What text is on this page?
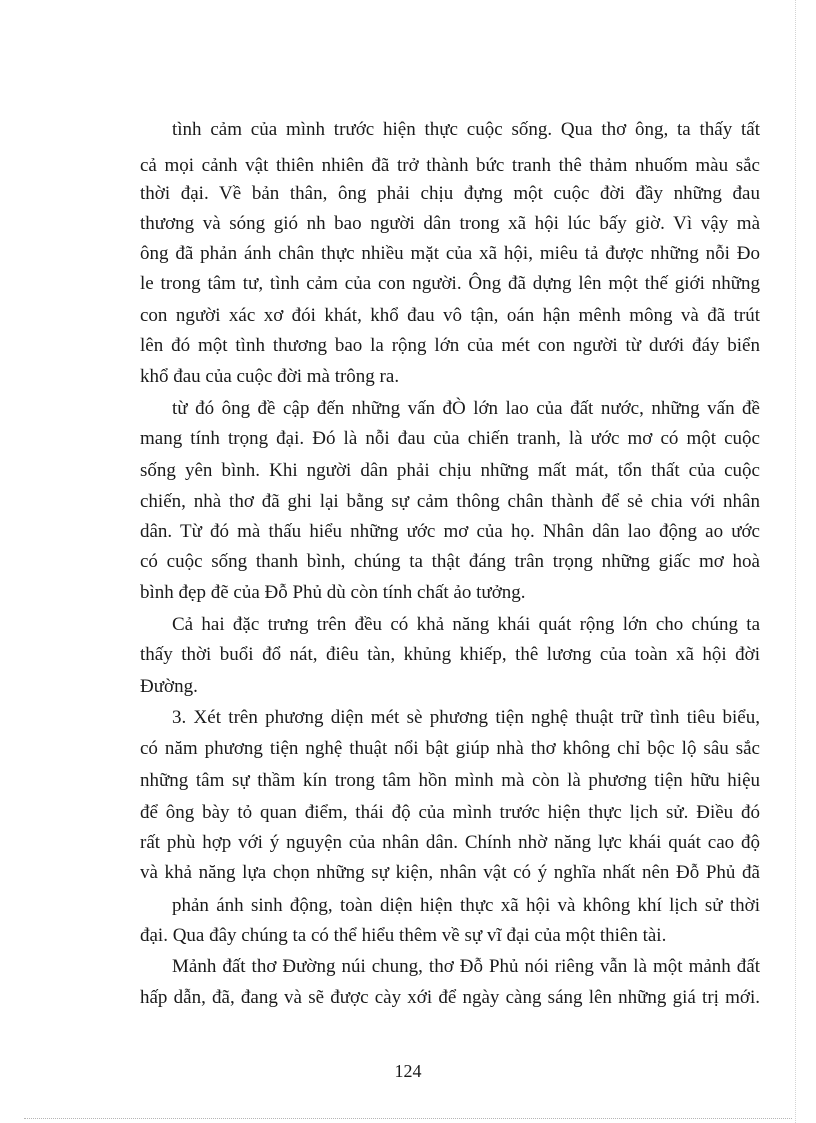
tình cảm của mình trước hiện thực cuộc sống. Qua thơ ông, ta thấy tất

cả mọi cảnh vật thiên nhiên đã trở thành bức tranh thê thảm nhuốm màu sắc

thời đại. Về bản thân, ông phải chịu đựng một cuộc đời đầy những đau

thương và sóng gió nh bao người dân trong xã hội lúc bấy giờ. Vì vậy mà

ông đã phản ánh chân thực nhiều mặt của xã hội, miêu tả được những nỗi Đo

le trong tâm tư, tình cảm của con người. Ông đã dựng lên một thế giới những

con người xác xơ đói khát, khổ đau vô tận, oán hận mênh mông và đã trút

lên đó một tình thương bao la rộng lớn của mét con người từ dưới đáy biển

khổ đau của cuộc đời mà trông ra.

từ đó ông đề cập đến những vấn đÒ lớn lao của đất nước, những vấn đề

mang tính trọng đại. Đó là nỗi đau của chiến tranh, là ước mơ có một cuộc

sống yên bình. Khi người dân phải chịu những mất mát, tổn thất của cuộc

chiến, nhà thơ đã ghi lại bằng sự cảm thông chân thành để sẻ chia với nhân

dân. Từ đó mà thấu hiểu những ước mơ của họ. Nhân dân lao động ao ước

có cuộc sống thanh bình, chúng ta thật đáng trân trọng những giấc mơ hoà

bình đẹp đẽ của Đỗ Phủ dù còn tính chất ảo tưởng.

Cả hai đặc trưng trên đều có khả năng khái quát rộng lớn cho chúng ta

thấy thời buổi đổ nát, điêu tàn, khủng khiếp, thê lương của toàn xã hội đời

Đường.

3. Xét trên phương diện mét sè phương tiện nghệ thuật trữ tình tiêu biểu,

có năm phương tiện nghệ thuật nổi bật giúp nhà thơ không chỉ bộc lộ sâu sắc

những tâm sự thầm kín trong tâm hồn mình mà còn là phương tiện hữu hiệu

để ông bày tỏ quan điểm, thái độ của mình trước hiện thực lịch sử. Điều đó

rất phù hợp với ý nguyện của nhân dân. Chính nhờ năng lực khái quát cao độ

và khả năng lựa chọn những sự kiện, nhân vật có ý nghĩa nhất nên Đỗ Phủ đã

phản ánh sinh động, toàn diện hiện thực xã hội và không khí lịch sử thời

đại. Qua đây chúng ta có thể hiểu thêm về sự vĩ đại của một thiên tài.

Mảnh đất thơ Đường núi chung, thơ Đỗ Phủ nói riêng vẫn là một mảnh đất

hấp dẫn, đã, đang và sẽ được cày xới để ngày càng sáng lên những giá trị mới.

124
